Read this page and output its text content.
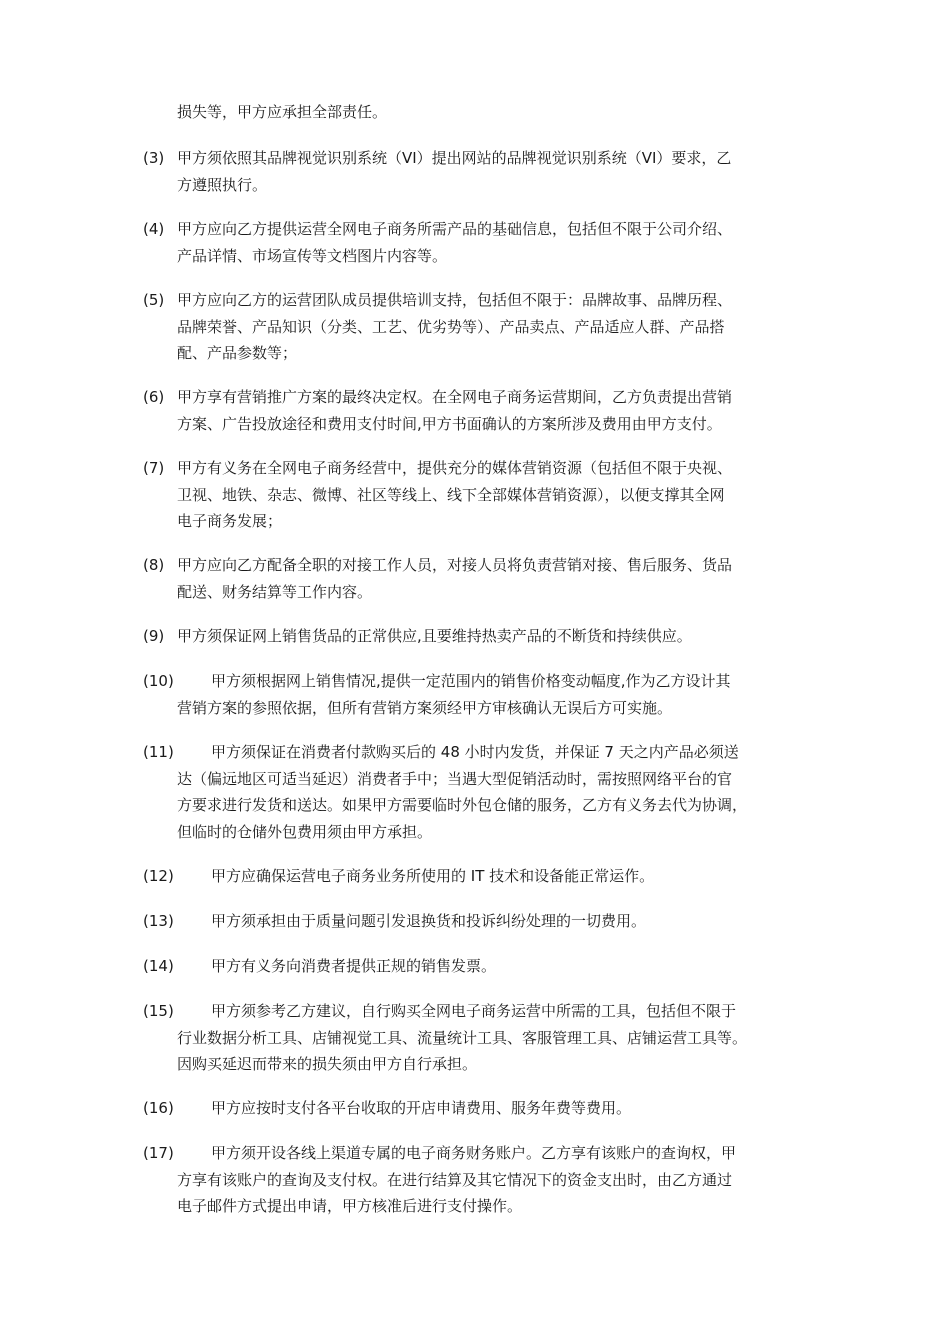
损失等，甲方应承担全部责任。

(3) 甲方须依照其品牌视觉识别系统（VI）提出网站的品牌视觉识别系统（VI）要求，乙
方遵照执行。

(4) 甲方应向乙方提供运营全网电子商务所需产品的基础信息，包括但不限于公司介绍、
产品详情、市场宣传等文档图片内容等。

(5) 甲方应向乙方的运营团队成员提供培训支持，包括但不限于：品牌故事、品牌历程、
品牌荣誉、产品知识（分类、工艺、优劣势等）、产品卖点、产品适应人群、产品搭
配、产品参数等；

(6) 甲方享有营销推广方案的最终决定权。在全网电子商务运营期间，乙方负责提出营销
方案、广告投放途径和费用支付时间,甲方书面确认的方案所涉及费用由甲方支付。

(7) 甲方有义务在全网电子商务经营中，提供充分的媒体营销资源（包括但不限于央视、
卫视、地铁、杂志、微博、社区等线上、线下全部媒体营销资源），以便支撑其全网
电子商务发展；

(8) 甲方应向乙方配备全职的对接工作人员，对接人员将负责营销对接、售后服务、货品
配送、财务结算等工作内容。

(9) 甲方须保证网上销售货品的正常供应,且要维持热卖产品的不断货和持续供应。

(10)	甲方须根据网上销售情况,提供一定范围内的销售价格变动幅度,作为乙方设计其
营销方案的参照依据，但所有营销方案须经甲方审核确认无误后方可实施。

(11)	甲方须保证在消费者付款购买后的 48 小时内发货，并保证 7 天之内产品必须送
达（偏远地区可适当延迟）消费者手中；当遇大型促销活动时，需按照网络平台的官
方要求进行发货和送达。如果甲方需要临时外包仓储的服务，乙方有义务去代为协调，
但临时的仓储外包费用须由甲方承担。

(12)	甲方应确保运营电子商务业务所使用的 IT 技术和设备能正常运作。

(13)	甲方须承担由于质量问题引发退换货和投诉纠纷处理的一切费用。

(14)	甲方有义务向消费者提供正规的销售发票。

(15)	甲方须参考乙方建议，自行购买全网电子商务运营中所需的工具，包括但不限于
行业数据分析工具、店铺视觉工具、流量统计工具、客服管理工具、店铺运营工具等。
因购买延迟而带来的损失须由甲方自行承担。

(16)	甲方应按时支付各平台收取的开店申请费用、服务年费等费用。

(17)	甲方须开设各线上渠道专属的电子商务财务账户。乙方享有该账户的查询权，甲
方享有该账户的查询及支付权。在进行结算及其它情况下的资金支出时，由乙方通过
电子邮件方式提出申请，甲方核准后进行支付操作。
